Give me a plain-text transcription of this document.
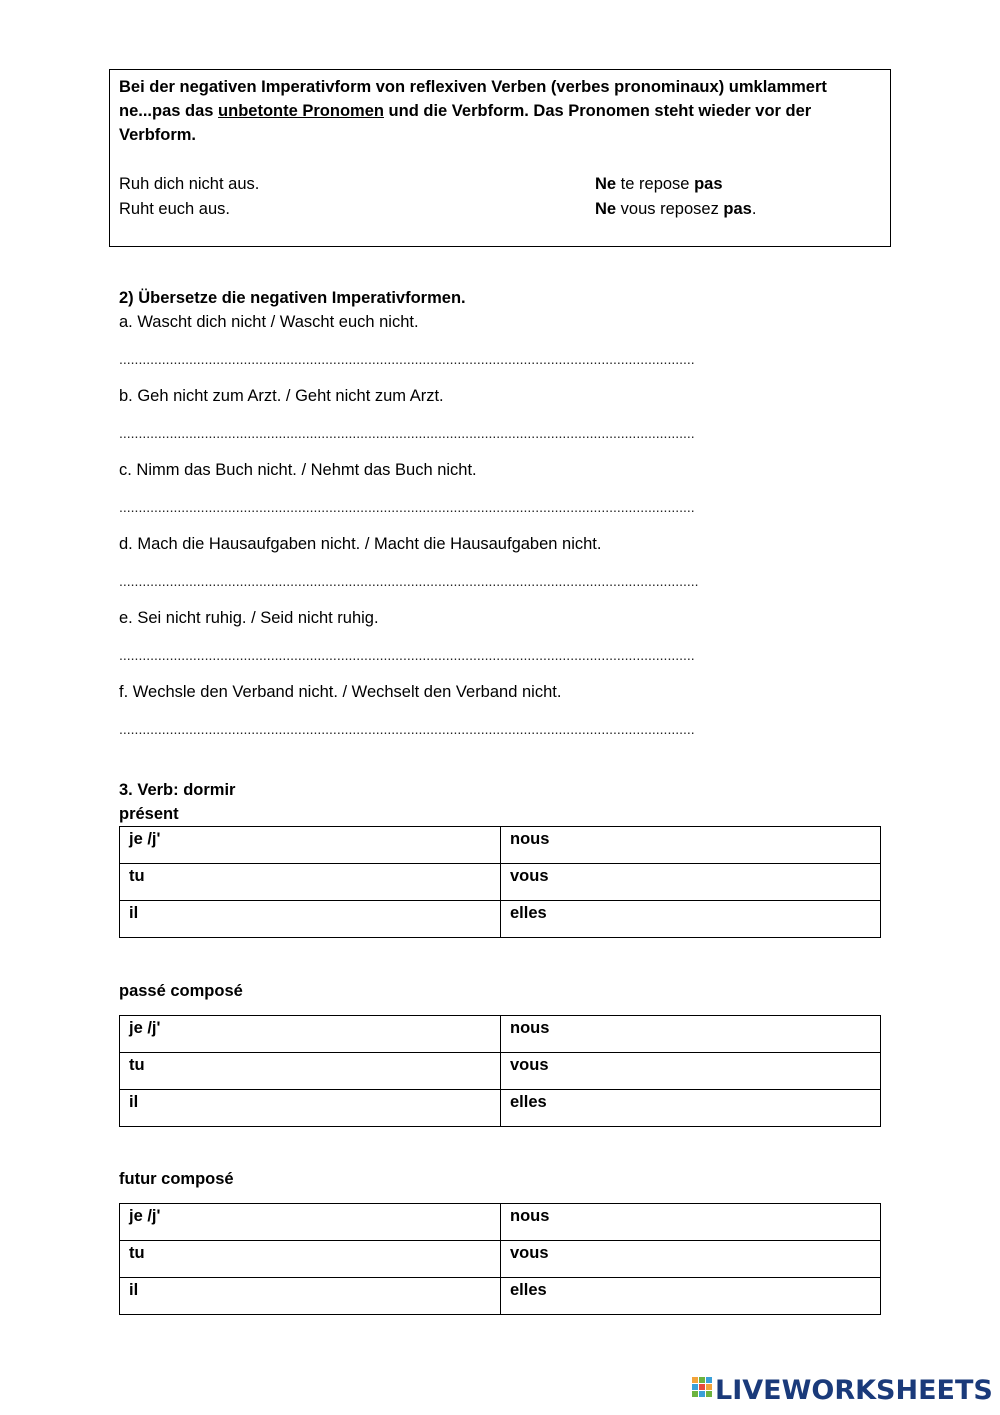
Bei der negativen Imperativform von reflexiven Verben (verbes pronominaux) umklammert ne...pas das unbetonte Pronomen und die Verbform. Das Pronomen steht wieder vor der Verbform.
Ruh dich nicht aus.	Ne te repose pas
Ruht euch aus.	Ne vous reposez pas.
2) Übersetze die negativen Imperativformen.
a. Wascht dich nicht / Wascht euch nicht.
....................................................................................................................................................
b. Geh nicht zum Arzt. / Geht nicht zum Arzt.
....................................................................................................................................................
c. Nimm das Buch nicht. / Nehmt das Buch nicht.
....................................................................................................................................................
d. Mach die Hausaufgaben nicht. / Macht die Hausaufgaben nicht.
.....................................................................................................................................................
e. Sei nicht ruhig. / Seid nicht ruhig.
....................................................................................................................................................
f. Wechsle den Verband nicht. / Wechselt den Verband nicht.
....................................................................................................................................................
3. Verb: dormir
présent
je /j'	nous
tu	vous
il	elles
passé composé
je /j'	nous
tu	vous
il	elles
futur composé
je /j'	nous
tu	vous
il	elles
LIVEWORKSHEETS
